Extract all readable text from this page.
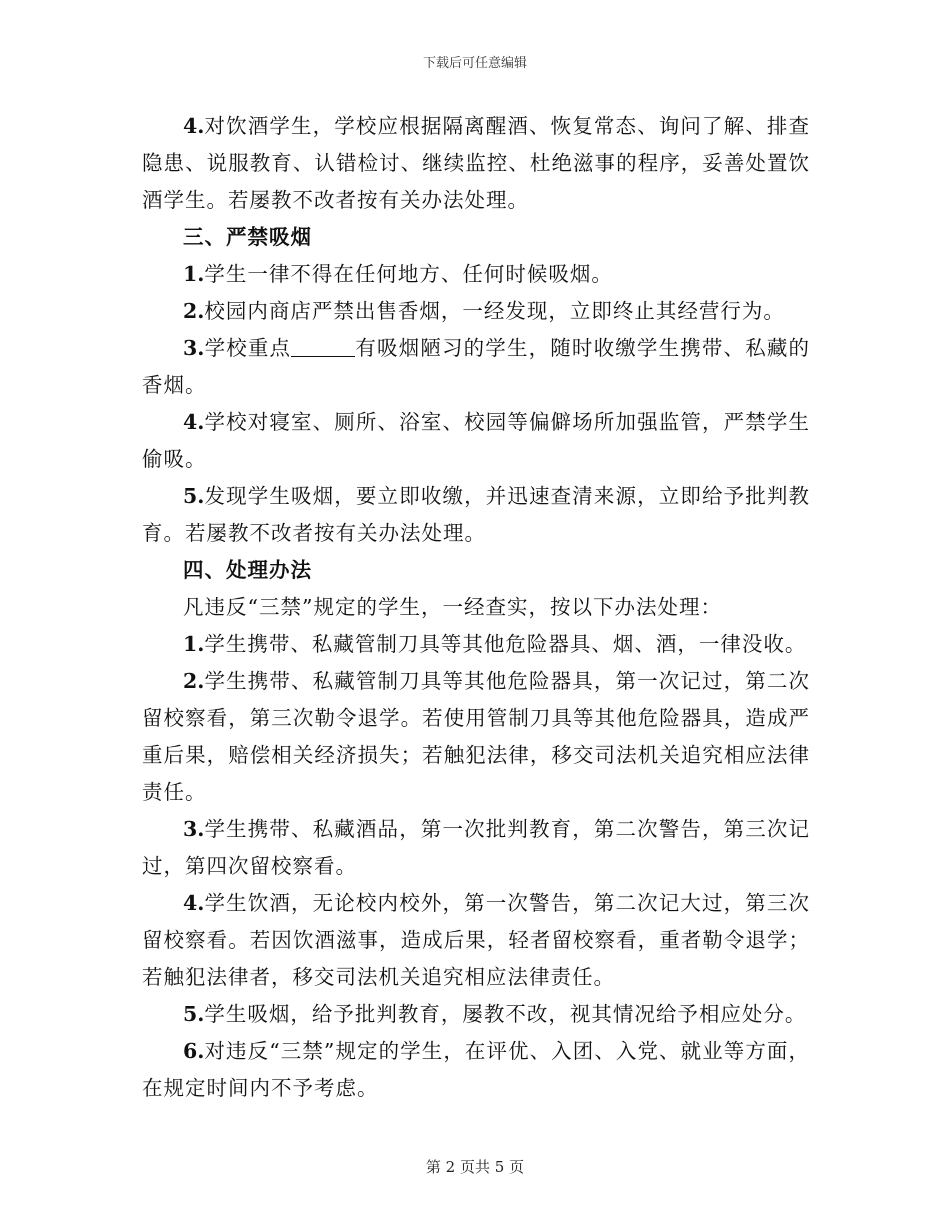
下载后可任意编辑

4.对饮酒学生，学校应根据隔离醒酒、恢复常态、询问了解、排查隐患、说服教育、认错检讨、继续监控、杜绝滋事的程序，妥善处置饮酒学生。若屡教不改者按有关办法处理。

三、严禁吸烟

1.学生一律不得在任何地方、任何时候吸烟。

2.校园内商店严禁出售香烟，一经发现，立即终止其经营行为。

3.学校重点	有吸烟陋习的学生，随时收缴学生携带、私藏的香烟。

4.学校对寝室、厕所、浴室、校园等偏僻场所加强监管，严禁学生偷吸。

5.发现学生吸烟，要立即收缴，并迅速查清来源，立即给予批判教育。若屡教不改者按有关办法处理。

四、处理办法

凡违反“三禁”规定的学生，一经查实，按以下办法处理：

1.学生携带、私藏管制刀具等其他危险器具、烟、酒，一律没收。

2.学生携带、私藏管制刀具等其他危险器具，第一次记过，第二次留校察看，第三次勒令退学。若使用管制刀具等其他危险器具，造成严重后果，赔偿相关经济损失；若触犯法律，移交司法机关追究相应法律责任。

3.学生携带、私藏酒品，第一次批判教育，第二次警告，第三次记过，第四次留校察看。

4.学生饮酒，无论校内校外，第一次警告，第二次记大过，第三次留校察看。若因饮酒滋事，造成后果，轻者留校察看，重者勒令退学；若触犯法律者，移交司法机关追究相应法律责任。

5.学生吸烟，给予批判教育，屡教不改，视其情况给予相应处分。

6.对违反“三禁”规定的学生，在评优、入团、入党、就业等方面，在规定时间内不予考虑。

第 2 页共 5 页
